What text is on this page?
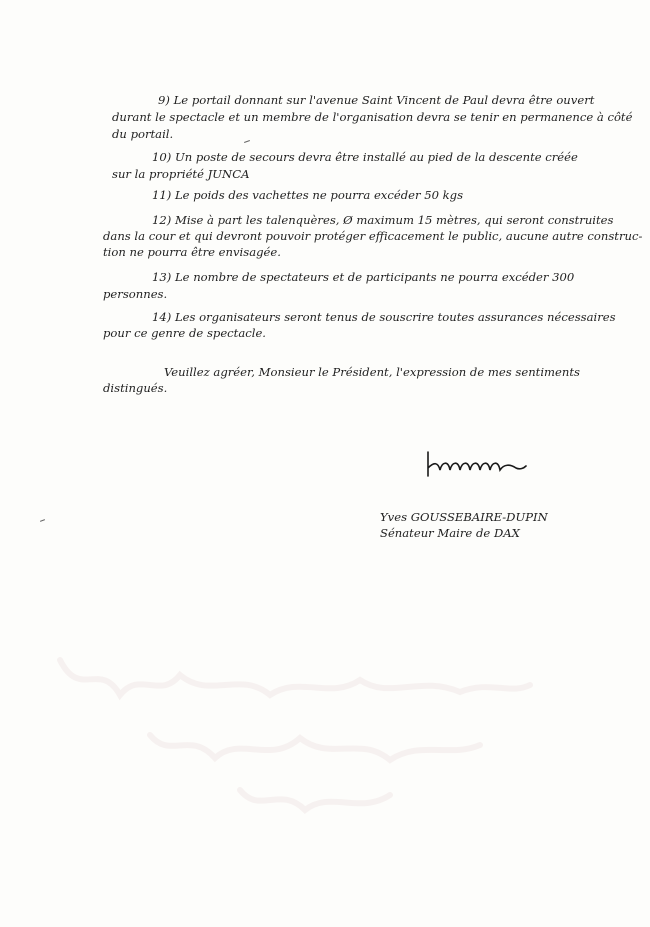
9) Le portail donnant sur l'avenue Saint Vincent de Paul devra être ouvert
durant le spectacle et un membre de l'organisation devra se tenir en permanence à côté
du portail.
10) Un poste de secours devra être installé au pied de la descente créée
sur la propriété JUNCA
11) Le poids des vachettes ne pourra excéder 50 kgs
12) Mise à part les talenquères, Ø maximum 15 mètres, qui seront construites
dans la cour et qui devront pouvoir protéger efficacement le public, aucune autre construc-
tion ne pourra être envisagée.
13) Le nombre de spectateurs et de participants ne pourra excéder 300
personnes.
14) Les organisateurs seront tenus de souscrire toutes assurances nécessaires
pour ce genre de spectacle.
Veuillez agréer, Monsieur le Président, l'expression de mes sentiments
distingués.
Yves GOUSSEBAIRE-DUPIN
Sénateur Maire de DAX
